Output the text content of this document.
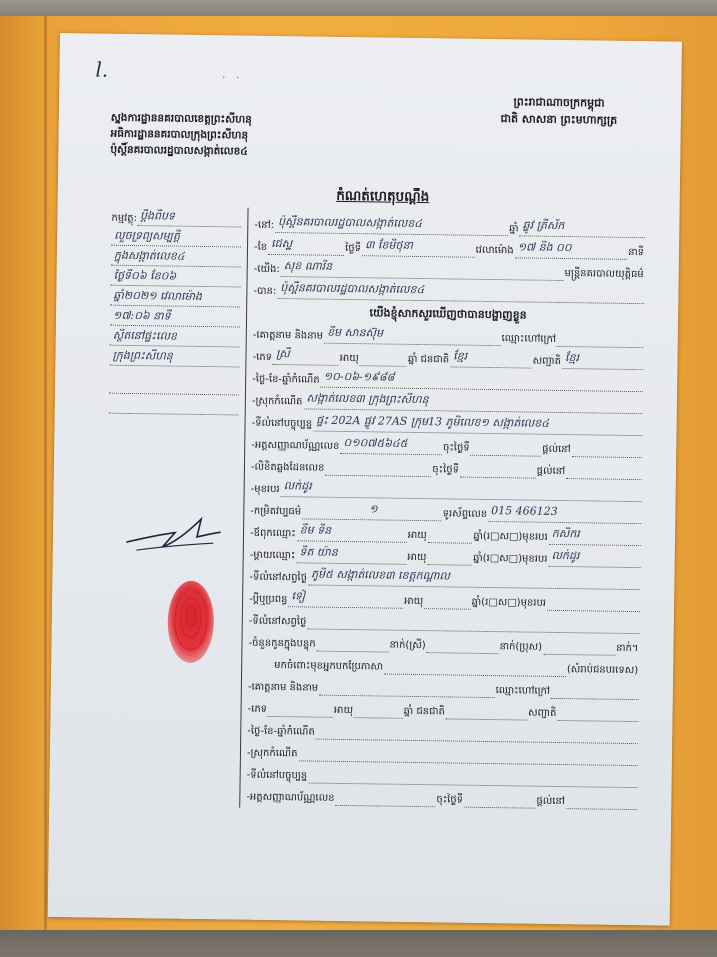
l.	· ·
ស្នងការដ្ឋាននគរបាលខេត្តព្រះសីហនុ
អធិការដ្ឋាននគរបាលក្រុងព្រះសីហនុ
ប៉ុស្តិ៍នគរបាលរដ្ឋបាលសង្កាត់លេខ៤
ព្រះរាជាណាចក្រកម្ពុជា
ជាតិ សាសនា ព្រះមហាក្សត្រ
កំណត់ហេតុបណ្តឹង
កម្មវត្ថុ: ប្តឹងពីបទ
លួចទ្រព្យសម្បត្តិ
ក្នុងសង្កាត់លេខ៤
ថ្ងៃទី០៦ ខែ០៦
ឆ្នាំ២០២១ វេលាម៉ោង
១៧:០៦ នាទី
ស្ថិតនៅផ្ទះលេខ
ក្រុងព្រះសីហនុ
-នៅ: ប៉ុស្តិ៍នគរបាលរដ្ឋបាលសង្កាត់លេខ៤	ឆ្នាំ ឆ្លូវ ត្រីស័ក
-ខែ ជេស្ឋ	ថ្ងៃទី ៣ ខែមិថុនា	វេលាម៉ោង ១៧ និង ០០	នាទី
-យើង: សុខ ណារិន
មន្ត្រីនគរបាលយុត្តិធម៌
-បាន: ប៉ុស្តិ៍នគរបាលរដ្ឋបាលសង្កាត់លេខ៤
យើងខ្ញុំសាកសួរឃើញថាបានបង្ហាញខ្លួន
-គោត្តនាម និងនាម ខឹម សានស៊ុម	ឈ្មោះហៅក្រៅ
-ភេទ ស្រី	អាយុ	ឆ្នាំ ជនជាតិ ខ្មែរ	សញ្ជាតិ ខ្មែរ
-ថ្ងៃ-ខែ-ឆ្នាំកំណើត ១០-០៦-១៩៨៨
-ស្រុកកំណើត សង្កាត់លេខ៣ ក្រុងព្រះសីហនុ
-ទីលំនៅបច្ចុប្បន្ន ផ្ទះ 202A ផ្លូវ 27AS ក្រុម13 ភូមិលេខ១ សង្កាត់លេខ៤
-អត្តសញ្ញាណប័ណ្ណលេខ ០១០៧៥៦៤៥	ចុះថ្ងៃទី	ផ្តល់នៅ
-លិខិតឆ្លងដែនលេខ	ចុះថ្ងៃទី	ផ្តល់នៅ
-មុខរបរ លក់ដូរ
-កម្រិតវប្បធម៌	១	ទូរស័ព្ទលេខ 015 466123
-ឪពុកឈ្មោះ ខឹម ទិន	អាយុ	ឆ្នាំ(រ□ស□)មុខរបរ កសិករ
-ម្តាយឈ្មោះ ទិត យ៉ាន	អាយុ	ឆ្នាំ(រ□ស□)មុខរបរ លក់ដូរ
-ទីលំនៅសព្វថ្ងៃ ភូមិ៥ សង្កាត់លេខ៣ ខេត្តកណ្តាល
-ប្តីឬប្រពន្ធ ទៀ	អាយុ	ឆ្នាំ(រ□ស□)មុខរបរ
-ទីលំនៅសព្វថ្ងៃ
-ចំនួនកូនក្នុងបន្ទុក	នាក់(ស្រី)	នាក់(ប្រុស)	នាក់។
មកចំពោះមុខអ្នកបកប្រែភាសា	(សំរាប់ជនបរទេស)
-គោត្តនាម និងនាម	ឈ្មោះហៅក្រៅ
-ភេទ	អាយុ	ឆ្នាំ ជនជាតិ	សញ្ជាតិ
-ថ្ងៃ-ខែ-ឆ្នាំកំណើត
-ស្រុកកំណើត
-ទីលំនៅបច្ចុប្បន្ន
-អត្តសញ្ញាណប័ណ្ណលេខ	ចុះថ្ងៃទី	ផ្តល់នៅ
